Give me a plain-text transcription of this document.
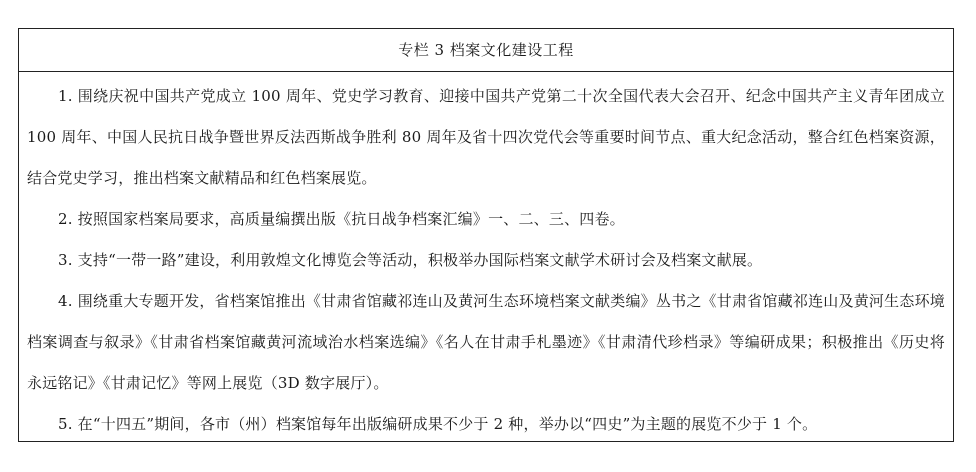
专栏 3 档案文化建设工程

1. 围绕庆祝中国共产党成立 100 周年、党史学习教育、迎接中国共产党第二十次全国代表大会召开、纪念中国共产主义青年团成立 100 周年、中国人民抗日战争暨世界反法西斯战争胜利 80 周年及省十四次党代会等重要时间节点、重大纪念活动，整合红色档案资源，结合党史学习，推出档案文献精品和红色档案展览。

2. 按照国家档案局要求，高质量编撰出版《抗日战争档案汇编》一、二、三、四卷。

3. 支持“一带一路”建设，利用敦煌文化博览会等活动，积极举办国际档案文献学术研讨会及档案文献展。

4. 围绕重大专题开发，省档案馆推出《甘肃省馆藏祁连山及黄河生态环境档案文献类编》丛书之《甘肃省馆藏祁连山及黄河生态环境档案调查与叙录》《甘肃省档案馆藏黄河流域治水档案选编》《名人在甘肃手札墨迹》《甘肃清代珍档录》等编研成果；积极推出《历史将永远铭记》《甘肃记忆》等网上展览（3D 数字展厅）。

5. 在“十四五”期间，各市（州）档案馆每年出版编研成果不少于 2 种，举办以“四史”为主题的展览不少于 1 个。
